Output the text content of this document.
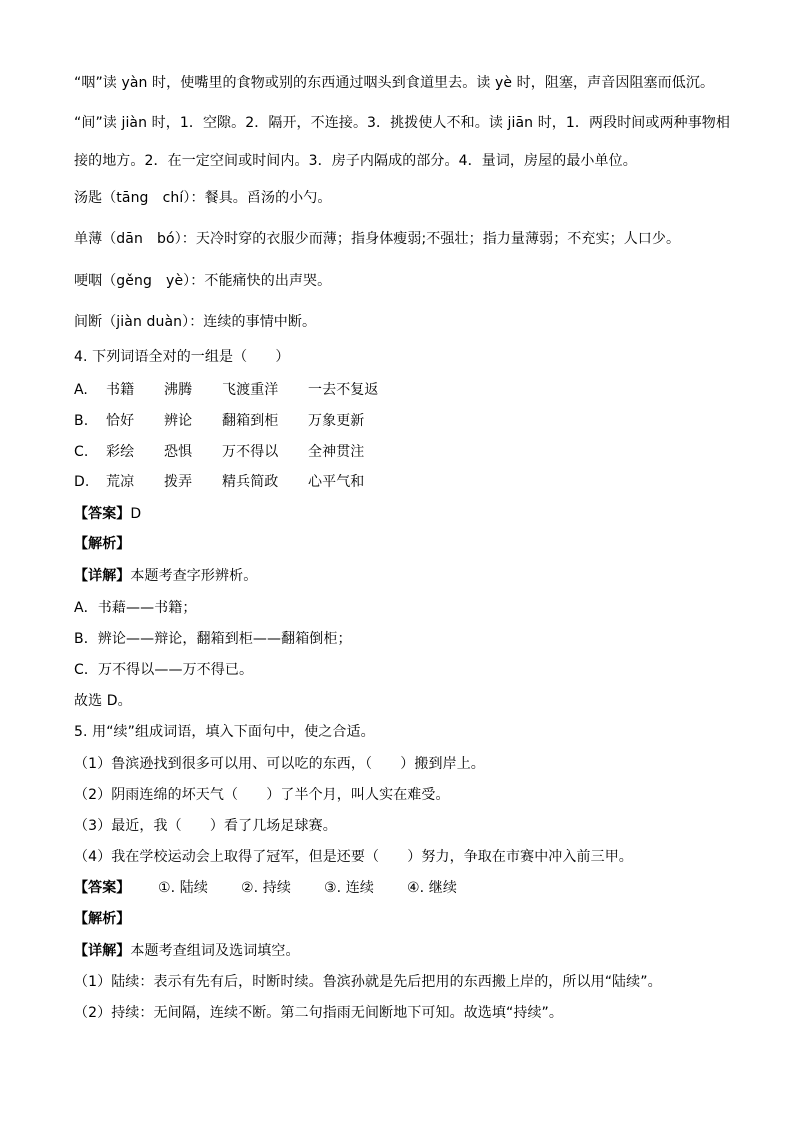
“咽”读 yàn 时，使嘴里的食物或别的东西通过咽头到食道里去。读 yè 时，阻塞，声音因阻塞而低沉。
“间”读 jiàn 时，1．空隙。2．隔开，不连接。3．挑拨使人不和。读 jiān 时，1．两段时间或两种事物相
接的地方。2．在一定空间或时间内。3．房子内隔成的部分。4．量词，房屋的最小单位。
汤匙（tāng　chí）：餐具。舀汤的小勺。
单薄（dān　bó）：天冷时穿的衣服少而薄；指身体瘦弱;不强壮；指力量薄弱；不充实；人口少。
哽咽（gěng　yè）：不能痛快的出声哭。
间断（jiàn duàn）：连续的事情中断。
4. 下列词语全对的一组是（　　）
A. 书籍 沸腾 飞渡重洋 一去不复返
B. 恰好 辨论 翻箱到柜 万象更新
C. 彩绘 恐惧 万不得以 全神贯注
D. 荒凉 拨弄 精兵简政 心平气和
【答案】D
【解析】
【详解】本题考查字形辨析。
A．书藉——书籍；
B．辨论——辩论，翻箱到柜——翻箱倒柜；
C．万不得以——万不得已。
故选 D。
5. 用“续”组成词语，填入下面句中，使之合适。
（1）鲁滨逊找到很多可以用、可以吃的东西，（　　）搬到岸上。
（2）阴雨连绵的坏天气（　　）了半个月，叫人实在难受。
（3）最近，我（　　）看了几场足球赛。
（4）我在学校运动会上取得了冠军，但是还要（　　）努力，争取在市赛中冲入前三甲。
【答案】 ①. 陆续 ②. 持续 ③. 连续 ④. 继续
【解析】
【详解】本题考查组词及选词填空。
（1）陆续：表示有先有后，时断时续。鲁滨孙就是先后把用的东西搬上岸的，所以用“陆续”。
（2）持续：无间隔，连续不断。第二句指雨无间断地下可知。故选填“持续”。
